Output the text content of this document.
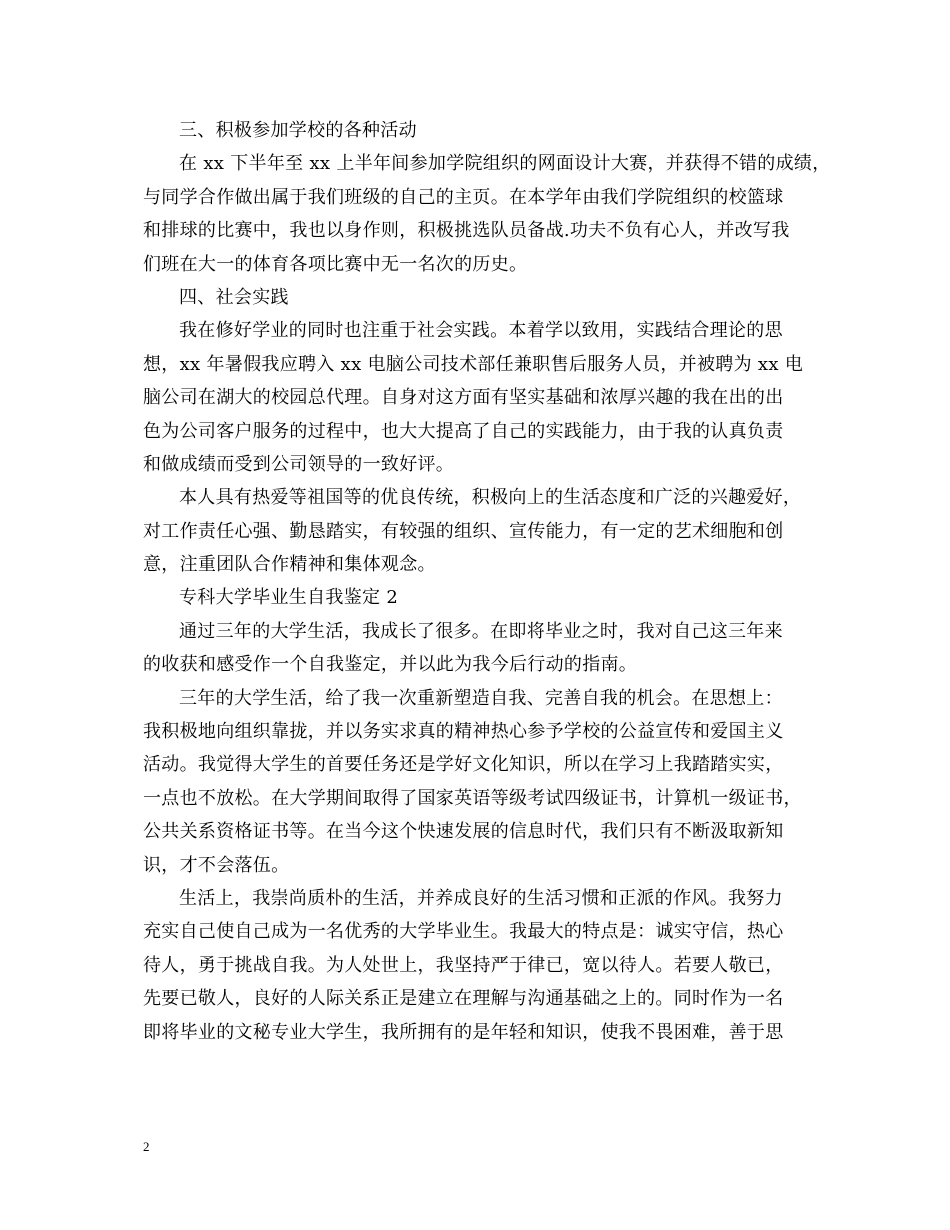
三、积极参加学校的各种活动
在 xx 下半年至 xx 上半年间参加学院组织的网面设计大赛，并获得不错的成绩，
与同学合作做出属于我们班级的自己的主页。在本学年由我们学院组织的校篮球
和排球的比赛中，我也以身作则，积极挑选队员备战.功夫不负有心人，并改写我
们班在大一的体育各项比赛中无一名次的历史。
四、社会实践
我在修好学业的同时也注重于社会实践。本着学以致用，实践结合理论的思
想，xx 年暑假我应聘入 xx 电脑公司技术部任兼职售后服务人员，并被聘为 xx 电
脑公司在湖大的校园总代理。自身对这方面有坚实基础和浓厚兴趣的我在出的出
色为公司客户服务的过程中，也大大提高了自己的实践能力，由于我的认真负责
和做成绩而受到公司领导的一致好评。
本人具有热爱等祖国等的优良传统，积极向上的生活态度和广泛的兴趣爱好，
对工作责任心强、勤恳踏实，有较强的组织、宣传能力，有一定的艺术细胞和创
意，注重团队合作精神和集体观念。
专科大学毕业生自我鉴定 2
通过三年的大学生活，我成长了很多。在即将毕业之时，我对自己这三年来
的收获和感受作一个自我鉴定，并以此为我今后行动的指南。
三年的大学生活，给了我一次重新塑造自我、完善自我的机会。在思想上：
我积极地向组织靠拢，并以务实求真的精神热心参予学校的公益宣传和爱国主义
活动。我觉得大学生的首要任务还是学好文化知识，所以在学习上我踏踏实实，
一点也不放松。在大学期间取得了国家英语等级考试四级证书，计算机一级证书，
公共关系资格证书等。在当今这个快速发展的信息时代，我们只有不断汲取新知
识，才不会落伍。
生活上，我崇尚质朴的生活，并养成良好的生活习惯和正派的作风。我努力
充实自己使自己成为一名优秀的大学毕业生。我最大的特点是：诚实守信，热心
待人，勇于挑战自我。为人处世上，我坚持严于律已，宽以待人。若要人敬已，
先要已敬人，良好的人际关系正是建立在理解与沟通基础之上的。同时作为一名
即将毕业的文秘专业大学生，我所拥有的是年轻和知识，使我不畏困难，善于思
2
